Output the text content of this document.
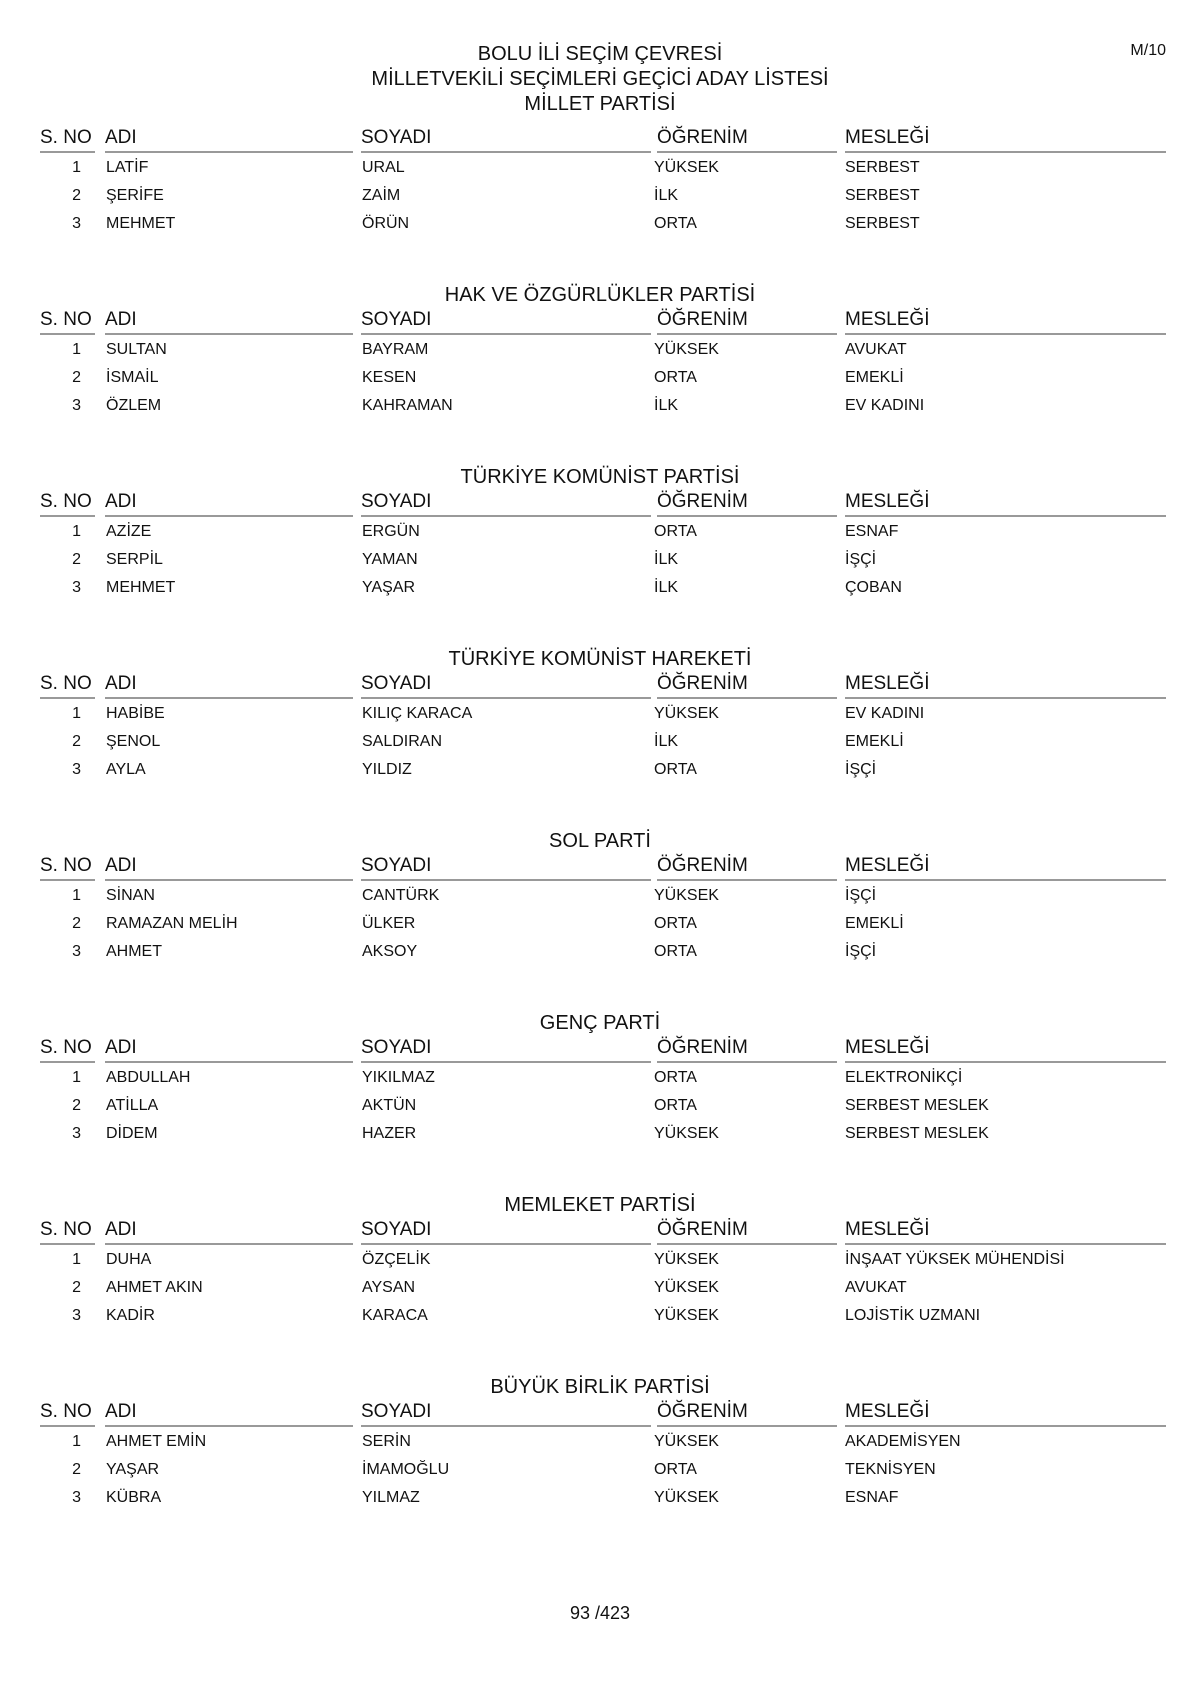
M/10
BOLU İLİ SEÇİM ÇEVRESİ
MİLLETVEKİLİ SEÇİMLERİ GEÇİCİ ADAY LİSTESİ
MİLLET PARTİSİ
S. NO ADI	SOYADI	ÖĞRENİM	MESLEĞİ
1 LATİF	URAL	YÜKSEK	SERBEST
2 ŞERİFE	ZAİM	İLK	SERBEST
3 MEHMET	ÖRÜN	ORTA	SERBEST
HAK VE ÖZGÜRLÜKLER PARTİSİ
S. NO ADI	SOYADI	ÖĞRENİM	MESLEĞİ
1 SULTAN	BAYRAM	YÜKSEK	AVUKAT
2 İSMAİL	KESEN	ORTA	EMEKLİ
3 ÖZLEM	KAHRAMAN	İLK	EV KADINI
TÜRKİYE KOMÜNİST PARTİSİ
S. NO ADI	SOYADI	ÖĞRENİM	MESLEĞİ
1 AZİZE	ERGÜN	ORTA	ESNAF
2 SERPİL	YAMAN	İLK	İŞÇİ
3 MEHMET	YAŞAR	İLK	ÇOBAN
TÜRKİYE KOMÜNİST HAREKETİ
S. NO ADI	SOYADI	ÖĞRENİM	MESLEĞİ
1 HABİBE	KILIÇ KARACA	YÜKSEK	EV KADINI
2 ŞENOL	SALDIRAN	İLK	EMEKLİ
3 AYLA	YILDIZ	ORTA	İŞÇİ
SOL PARTİ
S. NO ADI	SOYADI	ÖĞRENİM	MESLEĞİ
1 SİNAN	CANTÜRK	YÜKSEK	İŞÇİ
2 RAMAZAN MELİH	ÜLKER	ORTA	EMEKLİ
3 AHMET	AKSOY	ORTA	İŞÇİ
GENÇ PARTİ
S. NO ADI	SOYADI	ÖĞRENİM	MESLEĞİ
1 ABDULLAH	YIKILMAZ	ORTA	ELEKTRONİKÇİ
2 ATİLLA	AKTÜN	ORTA	SERBEST MESLEK
3 DİDEM	HAZER	YÜKSEK	SERBEST MESLEK
MEMLEKET PARTİSİ
S. NO ADI	SOYADI	ÖĞRENİM	MESLEĞİ
1 DUHA	ÖZÇELİK	YÜKSEK	İNŞAAT YÜKSEK MÜHENDİSİ
2 AHMET AKIN	AYSAN	YÜKSEK	AVUKAT
3 KADİR	KARACA	YÜKSEK	LOJİSTİK UZMANI
BÜYÜK BİRLİK PARTİSİ
S. NO ADI	SOYADI	ÖĞRENİM	MESLEĞİ
1 AHMET EMİN	SERİN	YÜKSEK	AKADEMİSYEN
2 YAŞAR	İMAMOĞLU	ORTA	TEKNİSYEN
3 KÜBRA	YILMAZ	YÜKSEK	ESNAF
93 /423
